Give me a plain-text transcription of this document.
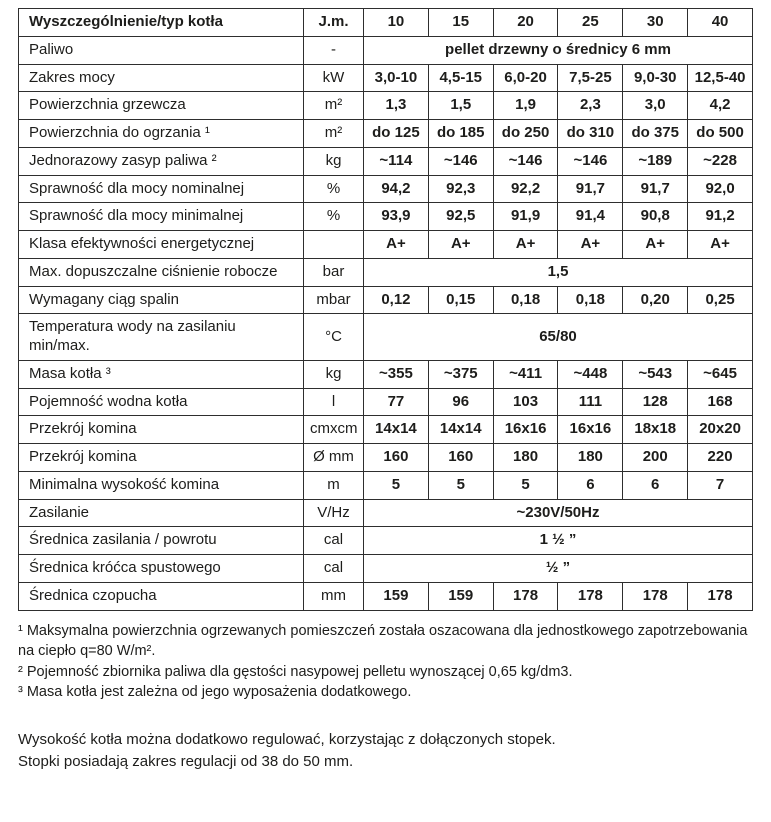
Wyszczególnienie/typ kotła	J.m.	10	15	20	25	30	40
Paliwo	-	pellet drzewny o średnicy 6 mm					
Zakres mocy	kW	3,0-10	4,5-15	6,0-20	7,5-25	9,0-30	12,5-40
Powierzchnia grzewcza	m²	1,3	1,5	1,9	2,3	3,0	4,2
Powierzchnia do ogrzania ¹	m²	do 125	do 185	do 250	do 310	do 375	do 500
Jednorazowy zasyp paliwa ²	kg	~114	~146	~146	~146	~189	~228
Sprawność dla mocy nominalnej	%	94,2	92,3	92,2	91,7	91,7	92,0
Sprawność dla mocy minimalnej	%	93,9	92,5	91,9	91,4	90,8	91,2
Klasa efektywności energetycznej		A+	A+	A+	A+	A+	A+
Max. dopuszczalne ciśnienie robocze	bar	1,5					
Wymagany ciąg spalin	mbar	0,12	0,15	0,18	0,18	0,20	0,25
Temperatura wody na zasilaniu min/max.	°C	65/80					
Masa kotła ³	kg	~355	~375	~411	~448	~543	~645
Pojemność wodna kotła	l	77	96	103	111	128	168
Przekrój komina	cmxcm	14x14	14x14	16x16	16x16	18x18	20x20
Przekrój komina	Ø mm	160	160	180	180	200	220
Minimalna wysokość komina	m	5	5	5	6	6	7
Zasilanie	V/Hz	~230V/50Hz					
Średnica zasilania / powrotu	cal	1 ½ ”					
Średnica króćca spustowego	cal	½ ”					
Średnica czopucha	mm	159	159	178	178	178	178

¹ Maksymalna powierzchnia ogrzewanych pomieszczeń została oszacowana dla jednostkowego zapotrzebowania na ciepło q=80 W/m².

² Pojemność zbiornika paliwa dla gęstości nasypowej pelletu wynoszącej 0,65 kg/dm3.

³ Masa kotła jest zależna od jego wyposażenia dodatkowego.

Wysokość kotła można dodatkowo regulować, korzystając z dołączonych stopek.

Stopki posiadają zakres regulacji od 38 do 50 mm.
